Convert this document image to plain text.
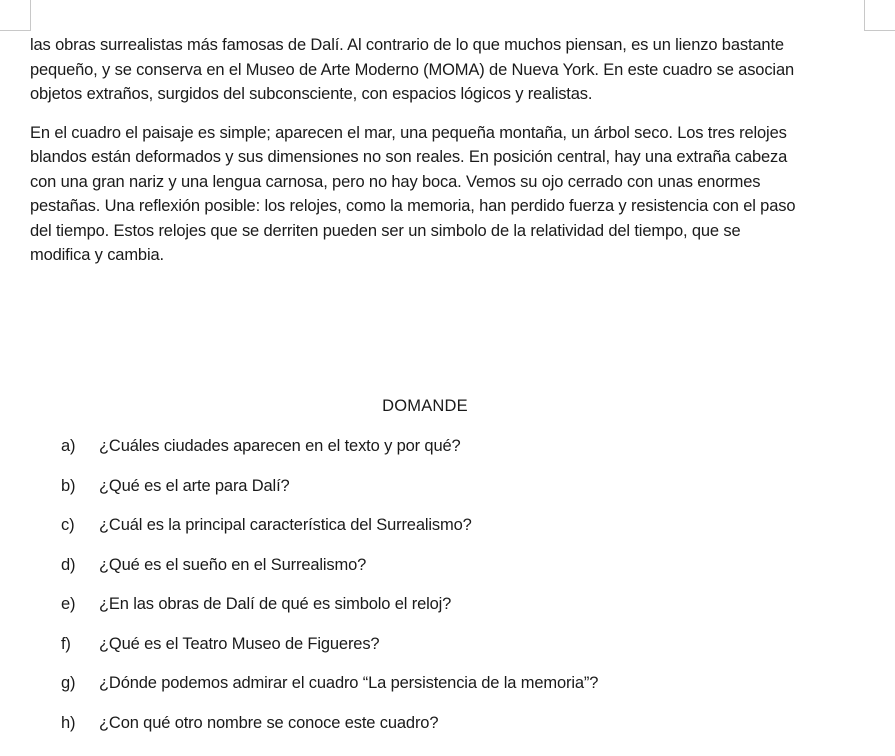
las obras surrealistas más famosas de Dalí. Al contrario de lo que muchos piensan, es un lienzo bastante pequeño, y se conserva en el Museo de Arte Moderno (MOMA) de Nueva York. En este cuadro se asocian objetos extraños, surgidos del subconsciente, con espacios lógicos y realistas.

En el cuadro el paisaje es simple; aparecen el mar, una pequeña montaña, un árbol seco. Los tres relojes blandos están deformados y sus dimensiones no son reales. En posición central, hay una extraña cabeza con una gran nariz y una lengua carnosa, pero no hay boca. Vemos su ojo cerrado con unas enormes pestañas. Una reflexión posible: los relojes, como la memoria, han perdido fuerza y resistencia con el paso del tiempo. Estos relojes que se derriten pueden ser un simbolo de la relatividad del tiempo, que se modifica y cambia.

DOMANDE
a)	¿Cuáles ciudades aparecen en el texto y por qué?
b)	¿Qué es el arte para Dalí?
c)	¿Cuál es la principal característica del Surrealismo?
d)	¿Qué es el sueño en el Surrealismo?
e)	¿En las obras de Dalí de qué es simbolo el reloj?
f)	¿Qué es el Teatro Museo de Figueres?
g)	¿Dónde podemos admirar el cuadro “La persistencia de la memoria”?
h)	¿Con qué otro nombre se conoce este cuadro?
